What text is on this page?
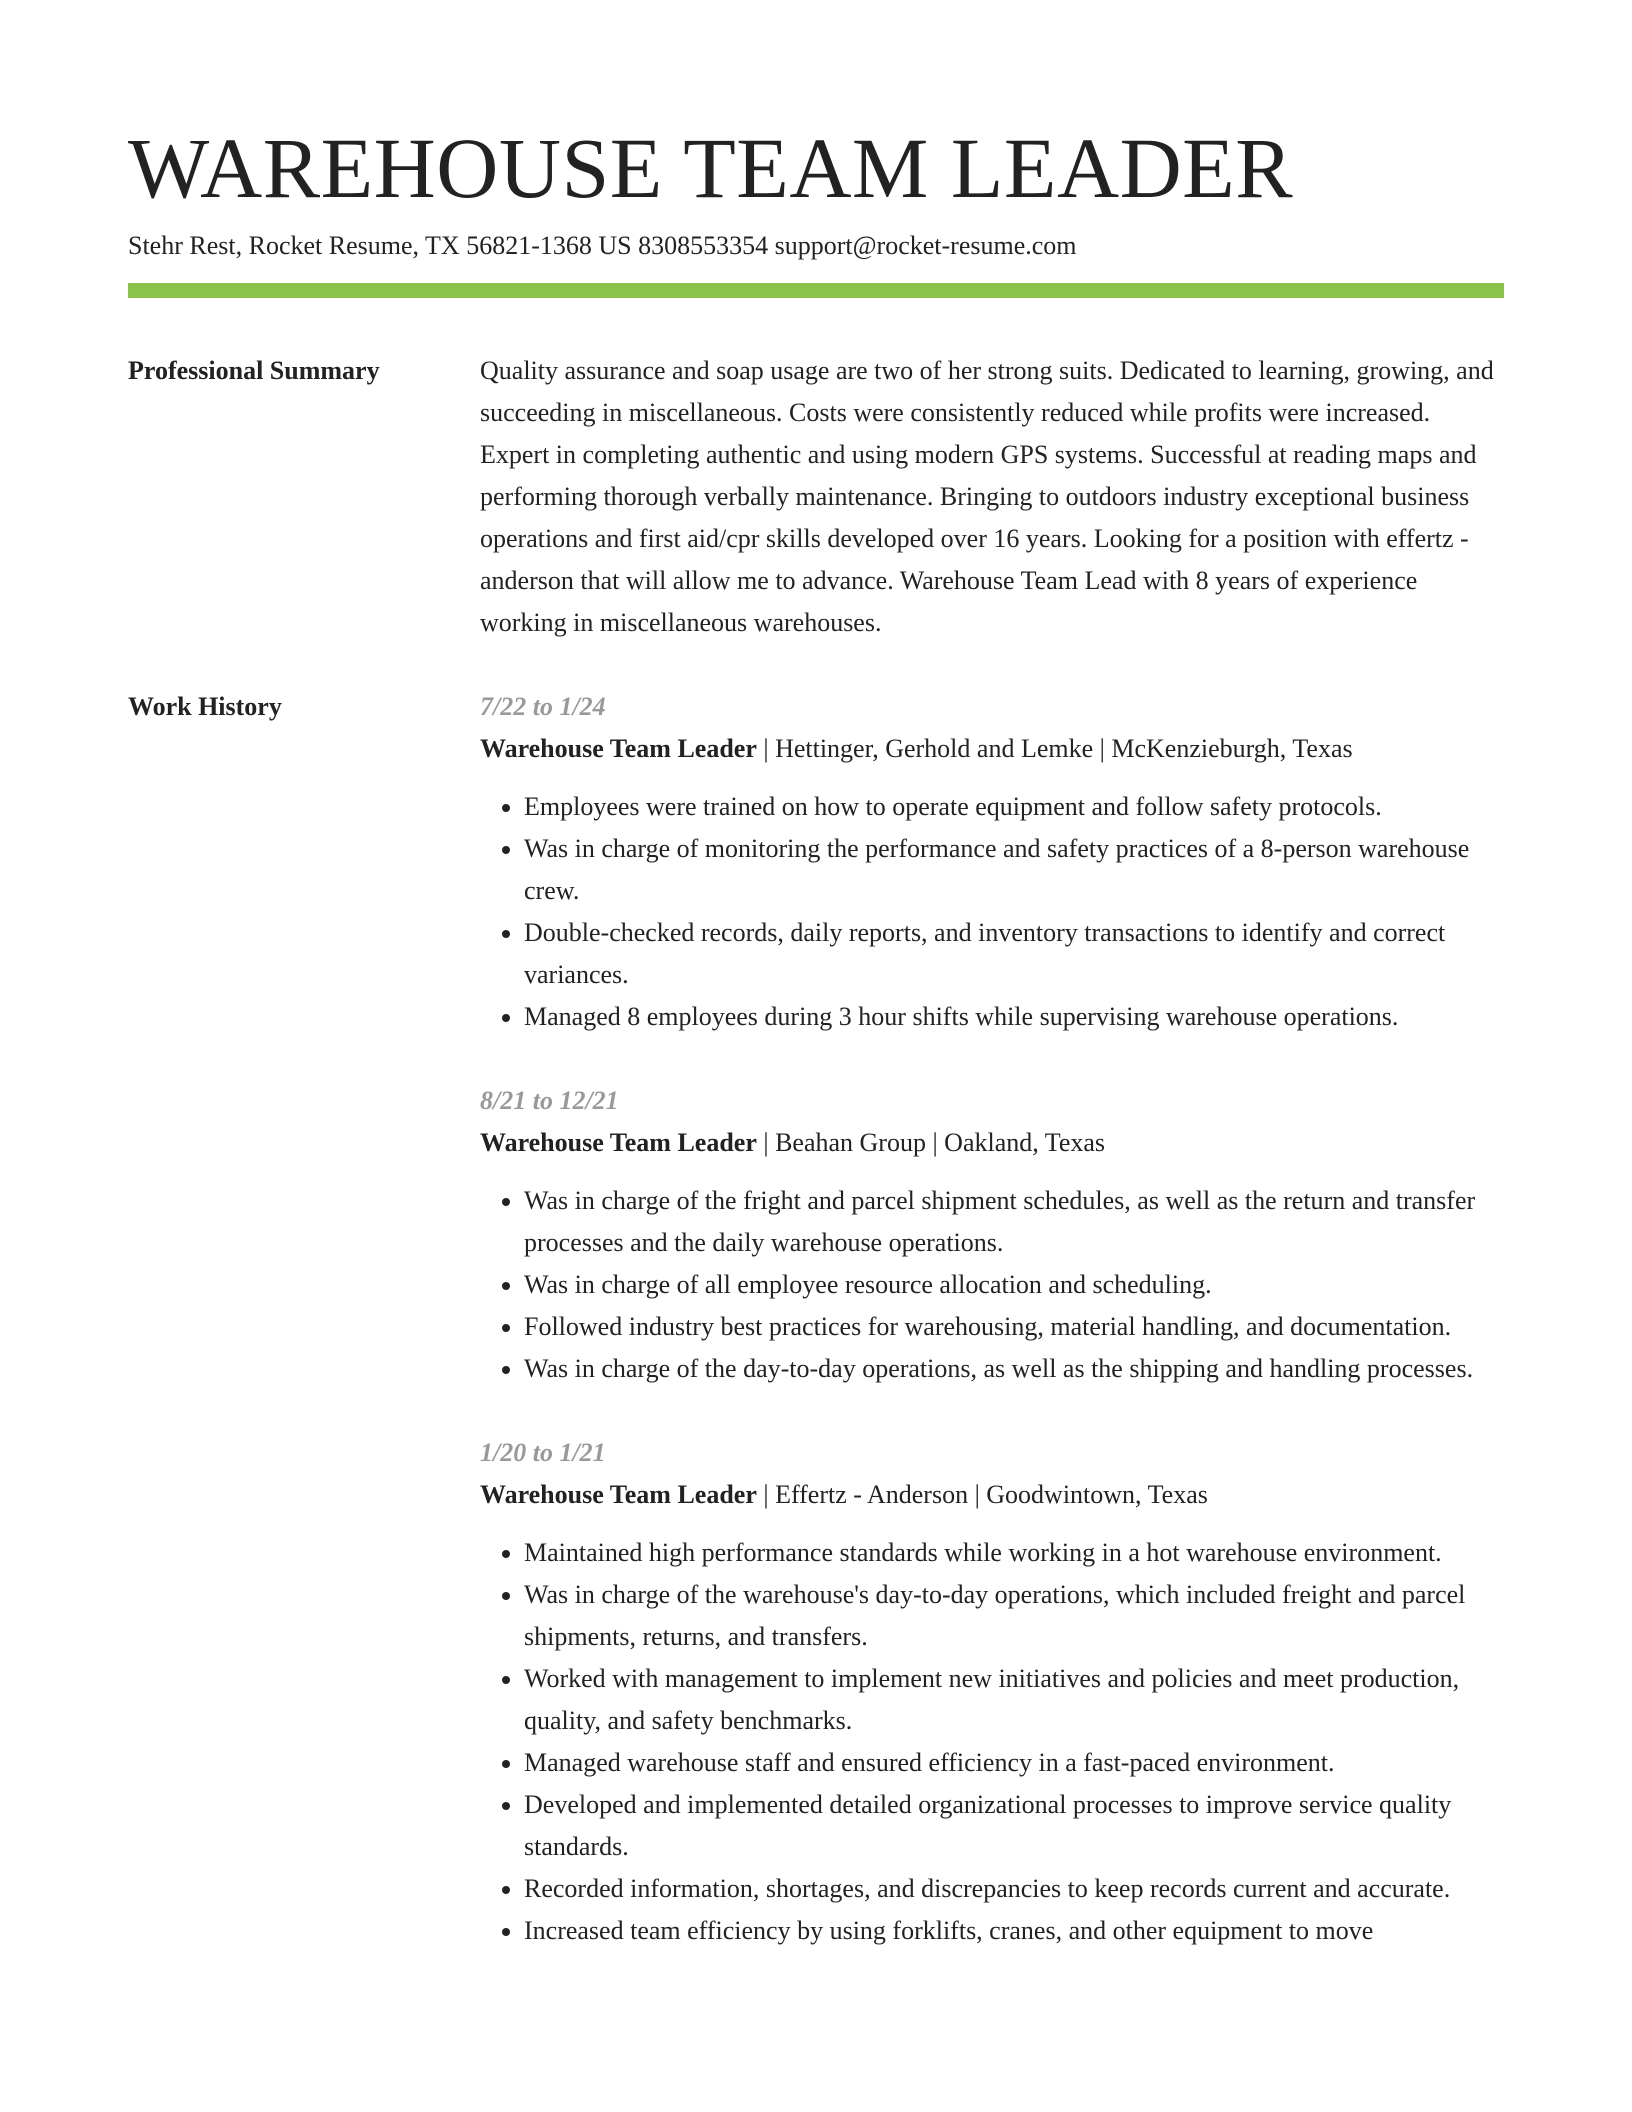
WAREHOUSE TEAM LEADER
Stehr Rest, Rocket Resume, TX 56821-1368 US 8308553354 support@rocket-resume.com
Professional Summary	Quality assurance and soap usage are two of her strong suits. Dedicated to learning, growing, and succeeding in miscellaneous. Costs were consistently reduced while profits were increased. Expert in completing authentic and using modern GPS systems. Successful at reading maps and performing thorough verbally maintenance. Bringing to outdoors industry exceptional business operations and first aid/cpr skills developed over 16 years. Looking for a position with effertz - anderson that will allow me to advance. Warehouse Team Lead with 8 years of experience working in miscellaneous warehouses.

Work History	7/22 to 1/24
Warehouse Team Leader | Hettinger, Gerhold and Lemke | McKenzieburgh, Texas
• Employees were trained on how to operate equipment and follow safety protocols.
• Was in charge of monitoring the performance and safety practices of a 8-person warehouse crew.
• Double-checked records, daily reports, and inventory transactions to identify and correct variances.
• Managed 8 employees during 3 hour shifts while supervising warehouse operations.
8/21 to 12/21
Warehouse Team Leader | Beahan Group | Oakland, Texas
• Was in charge of the fright and parcel shipment schedules, as well as the return and transfer processes and the daily warehouse operations.
• Was in charge of all employee resource allocation and scheduling.
• Followed industry best practices for warehousing, material handling, and documentation.
• Was in charge of the day-to-day operations, as well as the shipping and handling processes.
1/20 to 1/21
Warehouse Team Leader | Effertz - Anderson | Goodwintown, Texas
• Maintained high performance standards while working in a hot warehouse environment.
• Was in charge of the warehouse's day-to-day operations, which included freight and parcel shipments, returns, and transfers.
• Worked with management to implement new initiatives and policies and meet production, quality, and safety benchmarks.
• Managed warehouse staff and ensured efficiency in a fast-paced environment.
• Developed and implemented detailed organizational processes to improve service quality standards.
• Recorded information, shortages, and discrepancies to keep records current and accurate.
• Increased team efficiency by using forklifts, cranes, and other equipment to move
